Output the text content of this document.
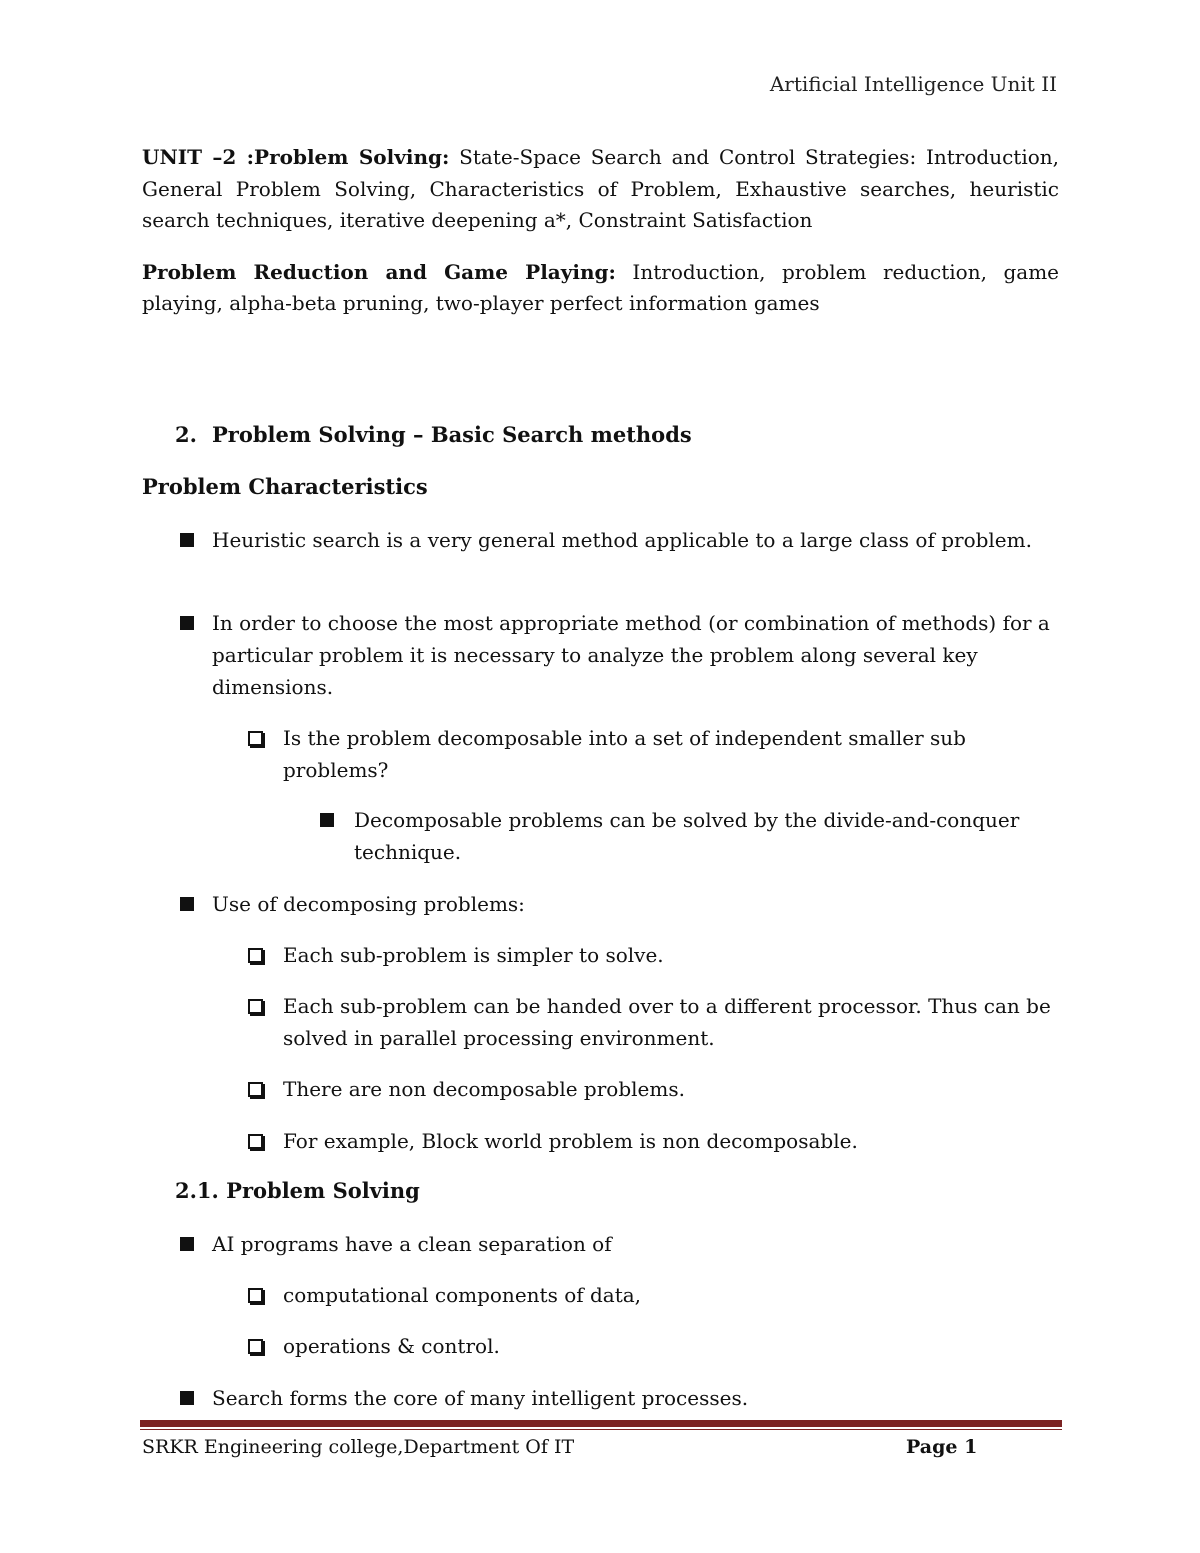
Artificial Intelligence Unit II

UNIT –2 :Problem Solving: State-Space Search and Control Strategies: Introduction, General Problem Solving, Characteristics of Problem, Exhaustive searches, heuristic search techniques, iterative deepening a*, Constraint Satisfaction

Problem Reduction and Game Playing: Introduction, problem reduction, game playing, alpha-beta pruning, two-player perfect information games

2. Problem Solving – Basic Search methods
Problem Characteristics
Heuristic search is a very general method applicable to a large class of problem.
In order to choose the most appropriate method (or combination of methods) for a particular problem it is necessary to analyze the problem along several key dimensions.
Is the problem decomposable into a set of independent smaller sub problems?
Decomposable problems can be solved by the divide-and-conquer technique.
Use of decomposing problems:
Each sub-problem is simpler to solve.
Each sub-problem can be handed over to a different processor. Thus can be solved in parallel processing environment.
There are non decomposable problems.
For example, Block world problem is non decomposable.
2.1. Problem Solving
AI programs have a clean separation of
computational components of data,
operations & control.
Search forms the core of many intelligent processes.
SRKR Engineering college,Department Of IT	Page 1
